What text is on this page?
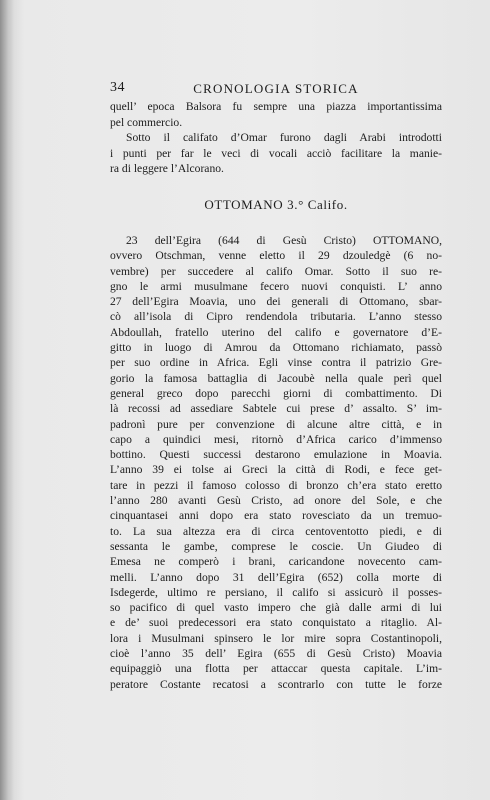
34	CRONOLOGIA STORICA
quell’ epoca Balsora fu sempre una piazza importantissima
pel commercio.
Sotto il califato d’Omar furono dagli Arabi introdotti
i punti per far le veci di vocali acciò facilitare la manie-
ra di leggere l’Alcorano.
OTTOMANO 3.° Califo.
23 dell’Egira (644 di Gesù Cristo) OTTOMANO,
ovvero Otschman, venne eletto il 29 dzouledgè (6 no-
vembre) per succedere al califo Omar. Sotto il suo re-
gno le armi musulmane fecero nuovi conquisti. L’ anno
27 dell’Egira Moavia, uno dei generali di Ottomano, sbar-
cò all’isola di Cipro rendendola tributaria. L’anno stesso
Abdoullah, fratello uterino del califo e governatore d’E-
gitto in luogo di Amrou da Ottomano richiamato, passò
per suo ordine in Africa. Egli vinse contra il patrizio Gre-
gorio la famosa battaglia di Jacoubè nella quale perì quel
general greco dopo parecchi giorni di combattimento. Di
là recossi ad assediare Sabtele cui prese d’ assalto. S’ im-
padronì pure per convenzione di alcune altre città, e in
capo a quindici mesi, ritornò d’Africa carico d’immenso
bottino. Questi successi destarono emulazione in Moavia.
L’anno 39 ei tolse ai Greci la città di Rodi, e fece get-
tare in pezzi il famoso colosso di bronzo ch’era stato eretto
l’anno 280 avanti Gesù Cristo, ad onore del Sole, e che
cinquantasei anni dopo era stato rovesciato da un tremuo-
to. La sua altezza era di circa centoventotto piedi, e di
sessanta le gambe, comprese le coscie. Un Giudeo di
Emesa ne comperò i brani, caricandone novecento cam-
melli. L’anno dopo 31 dell’Egira (652) colla morte di
Isdegerde, ultimo re persiano, il califo si assicurò il posses-
so pacifico di quel vasto impero che già dalle armi di lui
e de’ suoi predecessori era stato conquistato a ritaglio. Al-
lora i Musulmani spinsero le lor mire sopra Costantinopoli,
cioè l’anno 35 dell’ Egira (655 di Gesù Cristo) Moavia
equipaggiò una flotta per attaccar questa capitale. L’im-
peratore Costante recatosi a scontrarlo con tutte le forze
